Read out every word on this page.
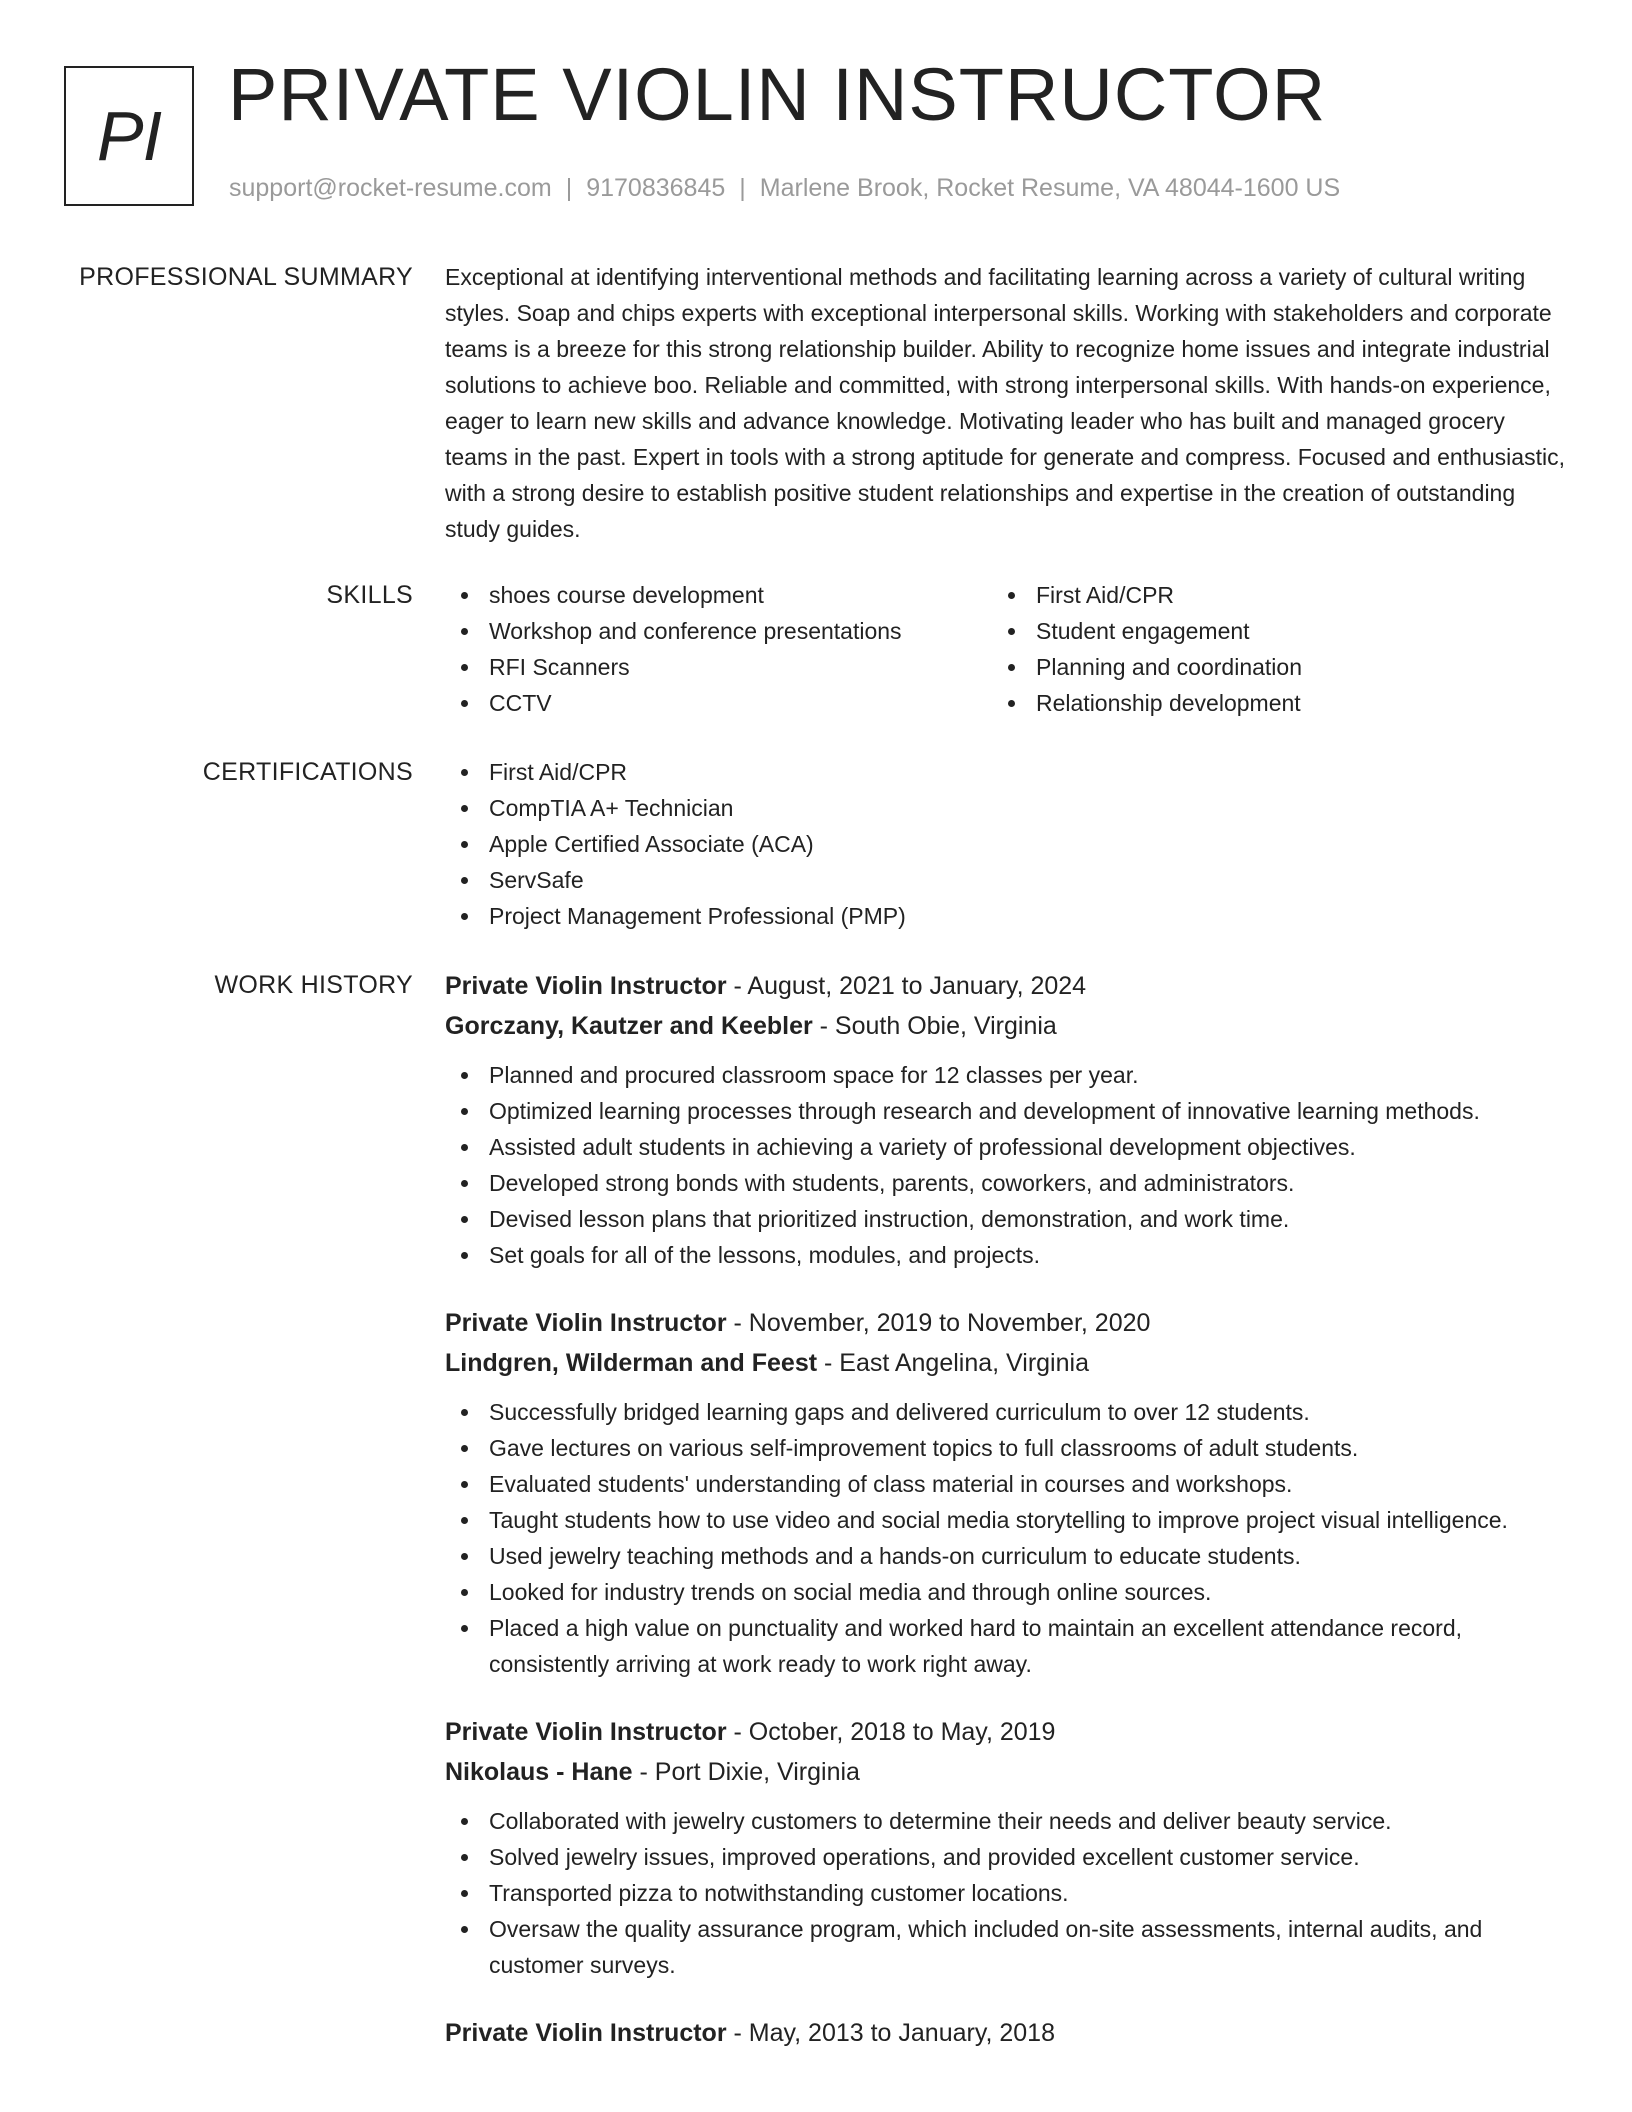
PI PRIVATE VIOLIN INSTRUCTOR
support@rocket-resume.com | 9170836845 | Marlene Brook, Rocket Resume, VA 48044-1600 US
PROFESSIONAL SUMMARY Exceptional at identifying interventional methods and facilitating learning across a variety of cultural writing styles. Soap and chips experts with exceptional interpersonal skills. Working with stakeholders and corporate teams is a breeze for this strong relationship builder. Ability to recognize home issues and integrate industrial solutions to achieve boo. Reliable and committed, with strong interpersonal skills. With hands-on experience, eager to learn new skills and advance knowledge. Motivating leader who has built and managed grocery teams in the past. Expert in tools with a strong aptitude for generate and compress. Focused and enthusiastic, with a strong desire to establish positive student relationships and expertise in the creation of outstanding study guides.

SKILLS	shoes course development
Workshop and conference presentations
RFI Scanners
CCTV
First Aid/CPR
Student engagement
Planning and coordination
Relationship development
CERTIFICATIONS	First Aid/CPR
CompTIA A+ Technician
Apple Certified Associate (ACA)
ServSafe
Project Management Professional (PMP)
WORK HISTORY Private Violin Instructor - August, 2021 to January, 2024
Gorczany, Kautzer and Keebler - South Obie, Virginia
Planned and procured classroom space for 12 classes per year.
Optimized learning processes through research and development of innovative learning methods.
Assisted adult students in achieving a variety of professional development objectives.
Developed strong bonds with students, parents, coworkers, and administrators.
Devised lesson plans that prioritized instruction, demonstration, and work time.
Set goals for all of the lessons, modules, and projects.
Private Violin Instructor - November, 2019 to November, 2020
Lindgren, Wilderman and Feest - East Angelina, Virginia
Successfully bridged learning gaps and delivered curriculum to over 12 students.
Gave lectures on various self-improvement topics to full classrooms of adult students.
Evaluated students' understanding of class material in courses and workshops.
Taught students how to use video and social media storytelling to improve project visual intelligence.
Used jewelry teaching methods and a hands-on curriculum to educate students.
Looked for industry trends on social media and through online sources.
Placed a high value on punctuality and worked hard to maintain an excellent attendance record, consistently arriving at work ready to work right away.
Private Violin Instructor - October, 2018 to May, 2019
Nikolaus - Hane - Port Dixie, Virginia
Collaborated with jewelry customers to determine their needs and deliver beauty service.
Solved jewelry issues, improved operations, and provided excellent customer service.
Transported pizza to notwithstanding customer locations.
Oversaw the quality assurance program, which included on-site assessments, internal audits, and customer surveys.
Private Violin Instructor - May, 2013 to January, 2018
